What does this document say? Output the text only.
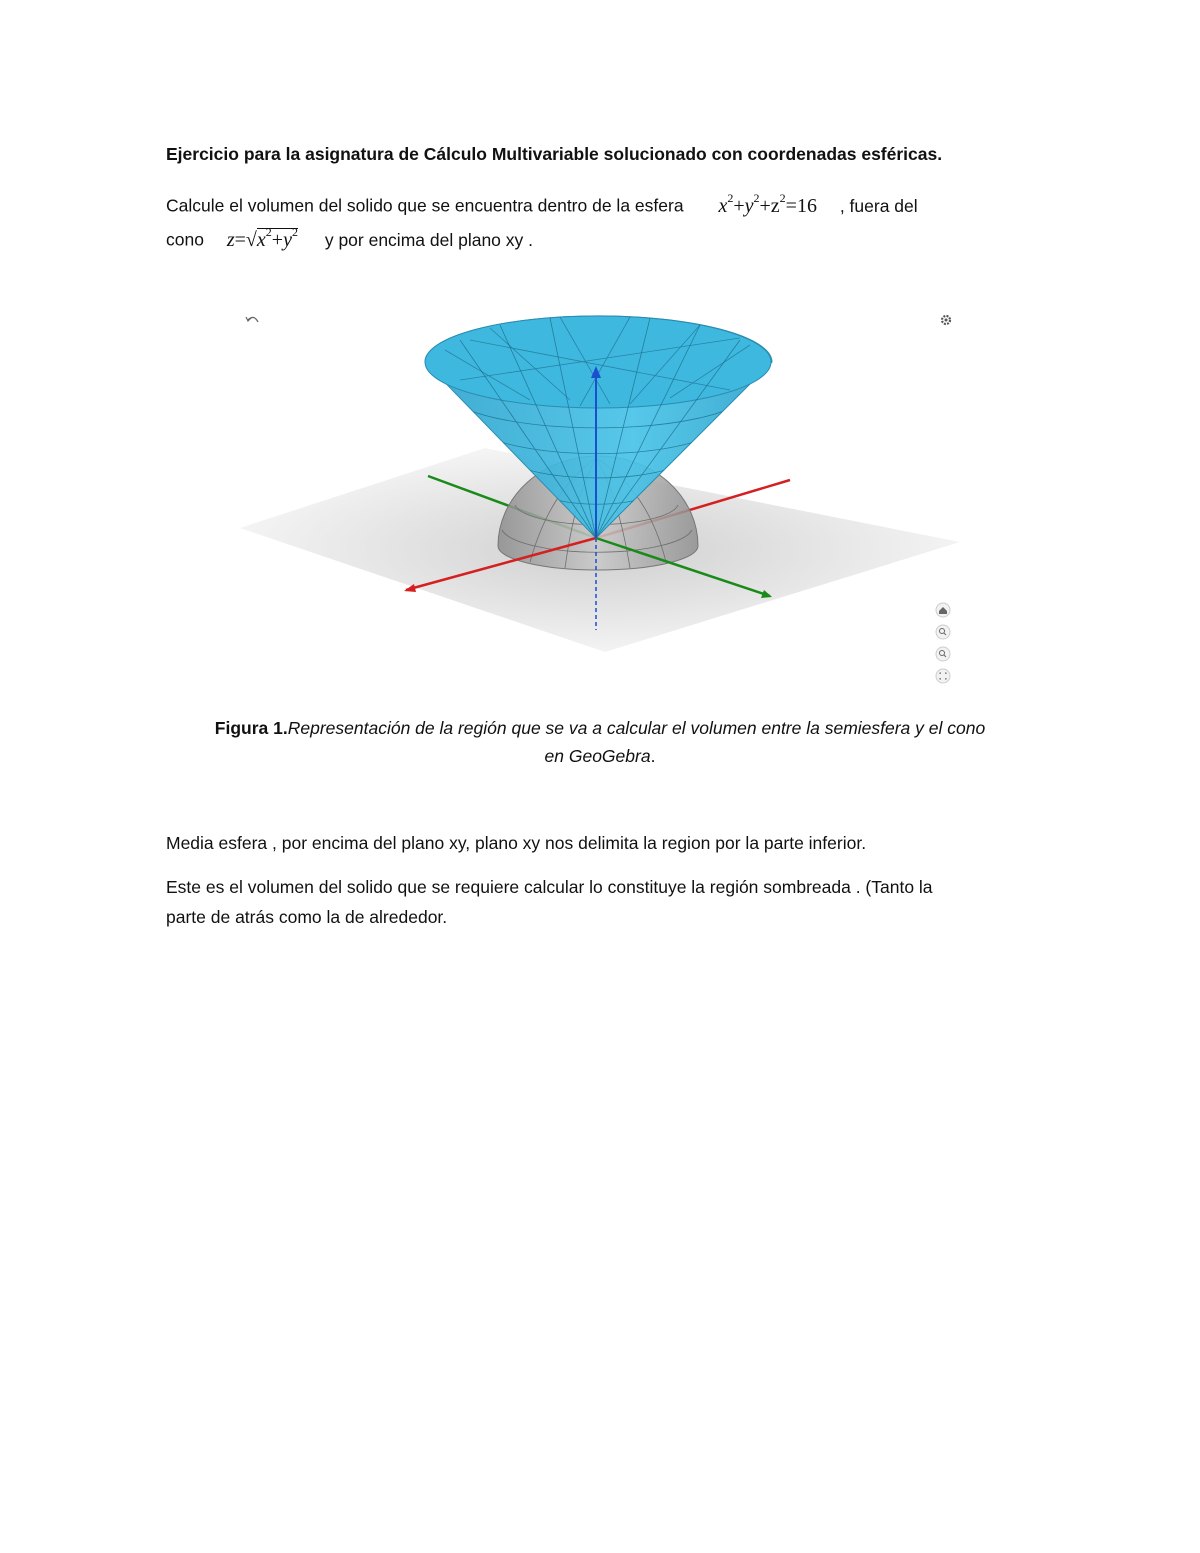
Ejercicio para la asignatura de Cálculo Multivariable solucionado con coordenadas esféricas.
Calcule el volumen del solido que se encuentra dentro de la esfera $x^2+y^2+z^2=16$ , fuera del
cono $z=√x^2+y^2$ y por encima del plano xy .
Figura 1.Representación de la región que se va a calcular el volumen entre la semiesfera y el cono
en GeoGebra.
Media esfera , por encima del plano xy, plano xy nos delimita la region por la parte inferior.
Este es el volumen del solido que se requiere calcular lo constituye la región sombreada . (Tanto la
parte de atrás como la de alrededor.
